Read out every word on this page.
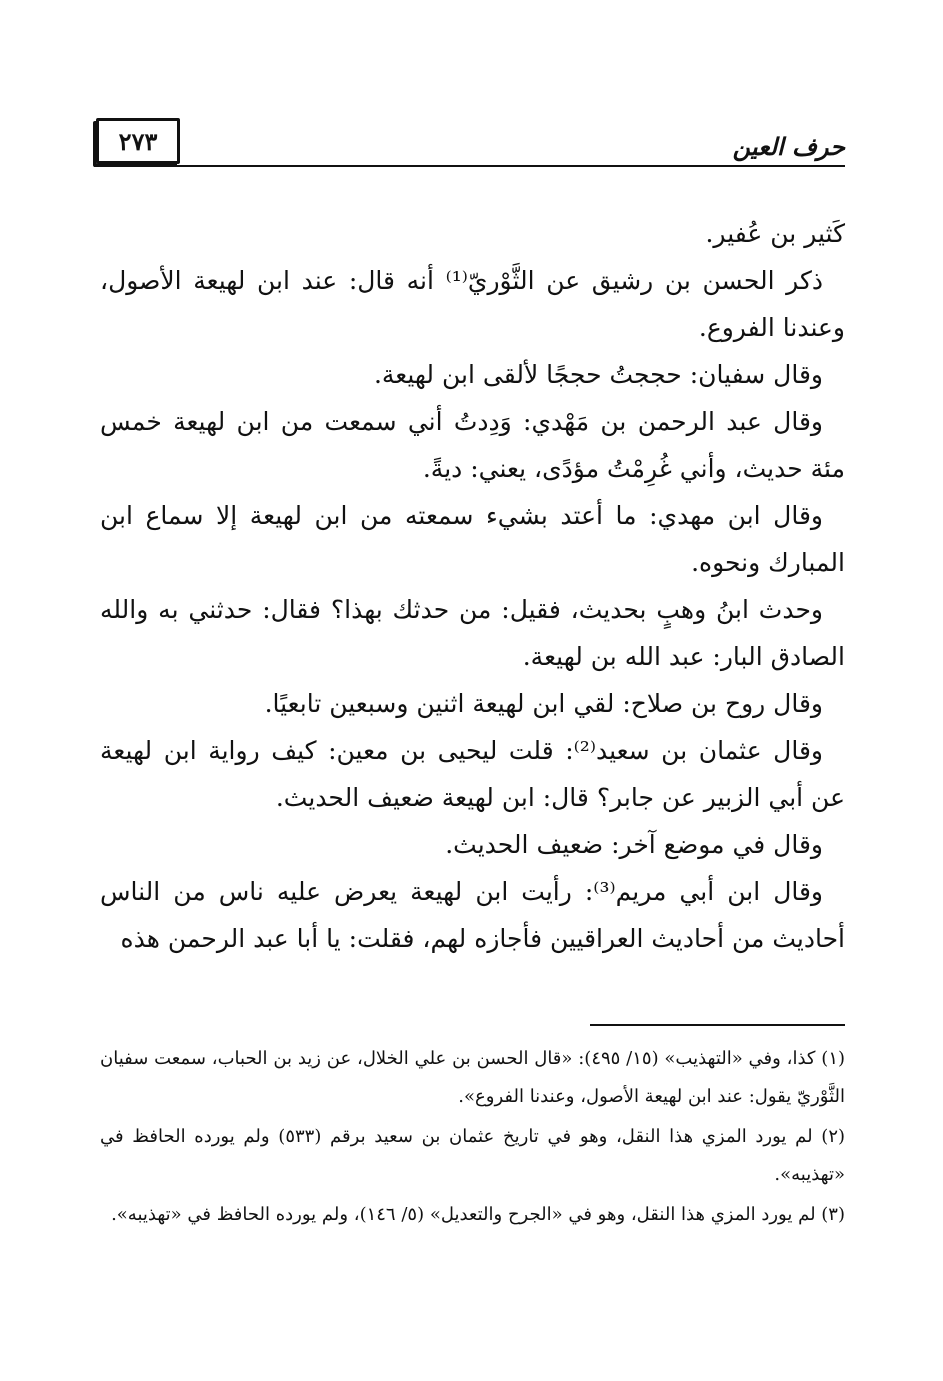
حرف العين
٢٧٣

كَثير بن عُفير.

ذكر الحسن بن رشيق عن الثَّوْريّ⁽¹⁾ أنه قال: عند ابن لهيعة الأصول، وعندنا الفروع.

وقال سفيان: حججتُ حججًا لألقى ابن لهيعة.

وقال عبد الرحمن بن مَهْدي: وَدِدتُ أني سمعت من ابن لهيعة خمس مئة حديث، وأني غُرِمْتُ مؤدًى، يعني: ديةً.

وقال ابن مهدي: ما أعتد بشيء سمعته من ابن لهيعة إلا سماع ابن المبارك ونحوه.

وحدث ابنُ وهبٍ بحديث، فقيل: من حدثك بهذا؟ فقال: حدثني به والله الصادق البار: عبد الله بن لهيعة.

وقال روح بن صلاح: لقي ابن لهيعة اثنين وسبعين تابعيًا.

وقال عثمان بن سعيد⁽²⁾: قلت ليحيى بن معين: كيف رواية ابن لهيعة عن أبي الزبير عن جابر؟ قال: ابن لهيعة ضعيف الحديث.

وقال في موضع آخر: ضعيف الحديث.

وقال ابن أبي مريم⁽³⁾: رأيت ابن لهيعة يعرض عليه ناس من الناس أحاديث من أحاديث العراقيين فأجازه لهم، فقلت: يا أبا عبد الرحمن هذه

(١) كذا، وفي «التهذيب» (١٥/ ٤٩٥): «قال الحسن بن علي الخلال، عن زيد بن الحباب، سمعت سفيان الثَّوْريّ يقول: عند ابن لهيعة الأصول، وعندنا الفروع».

(٢) لم يورد المزي هذا النقل، وهو في تاريخ عثمان بن سعيد برقم (٥٣٣) ولم يورده الحافظ في «تهذيبه».

(٣) لم يورد المزي هذا النقل، وهو في «الجرح والتعديل» (٥/ ١٤٦)، ولم يورده الحافظ في «تهذيبه».
